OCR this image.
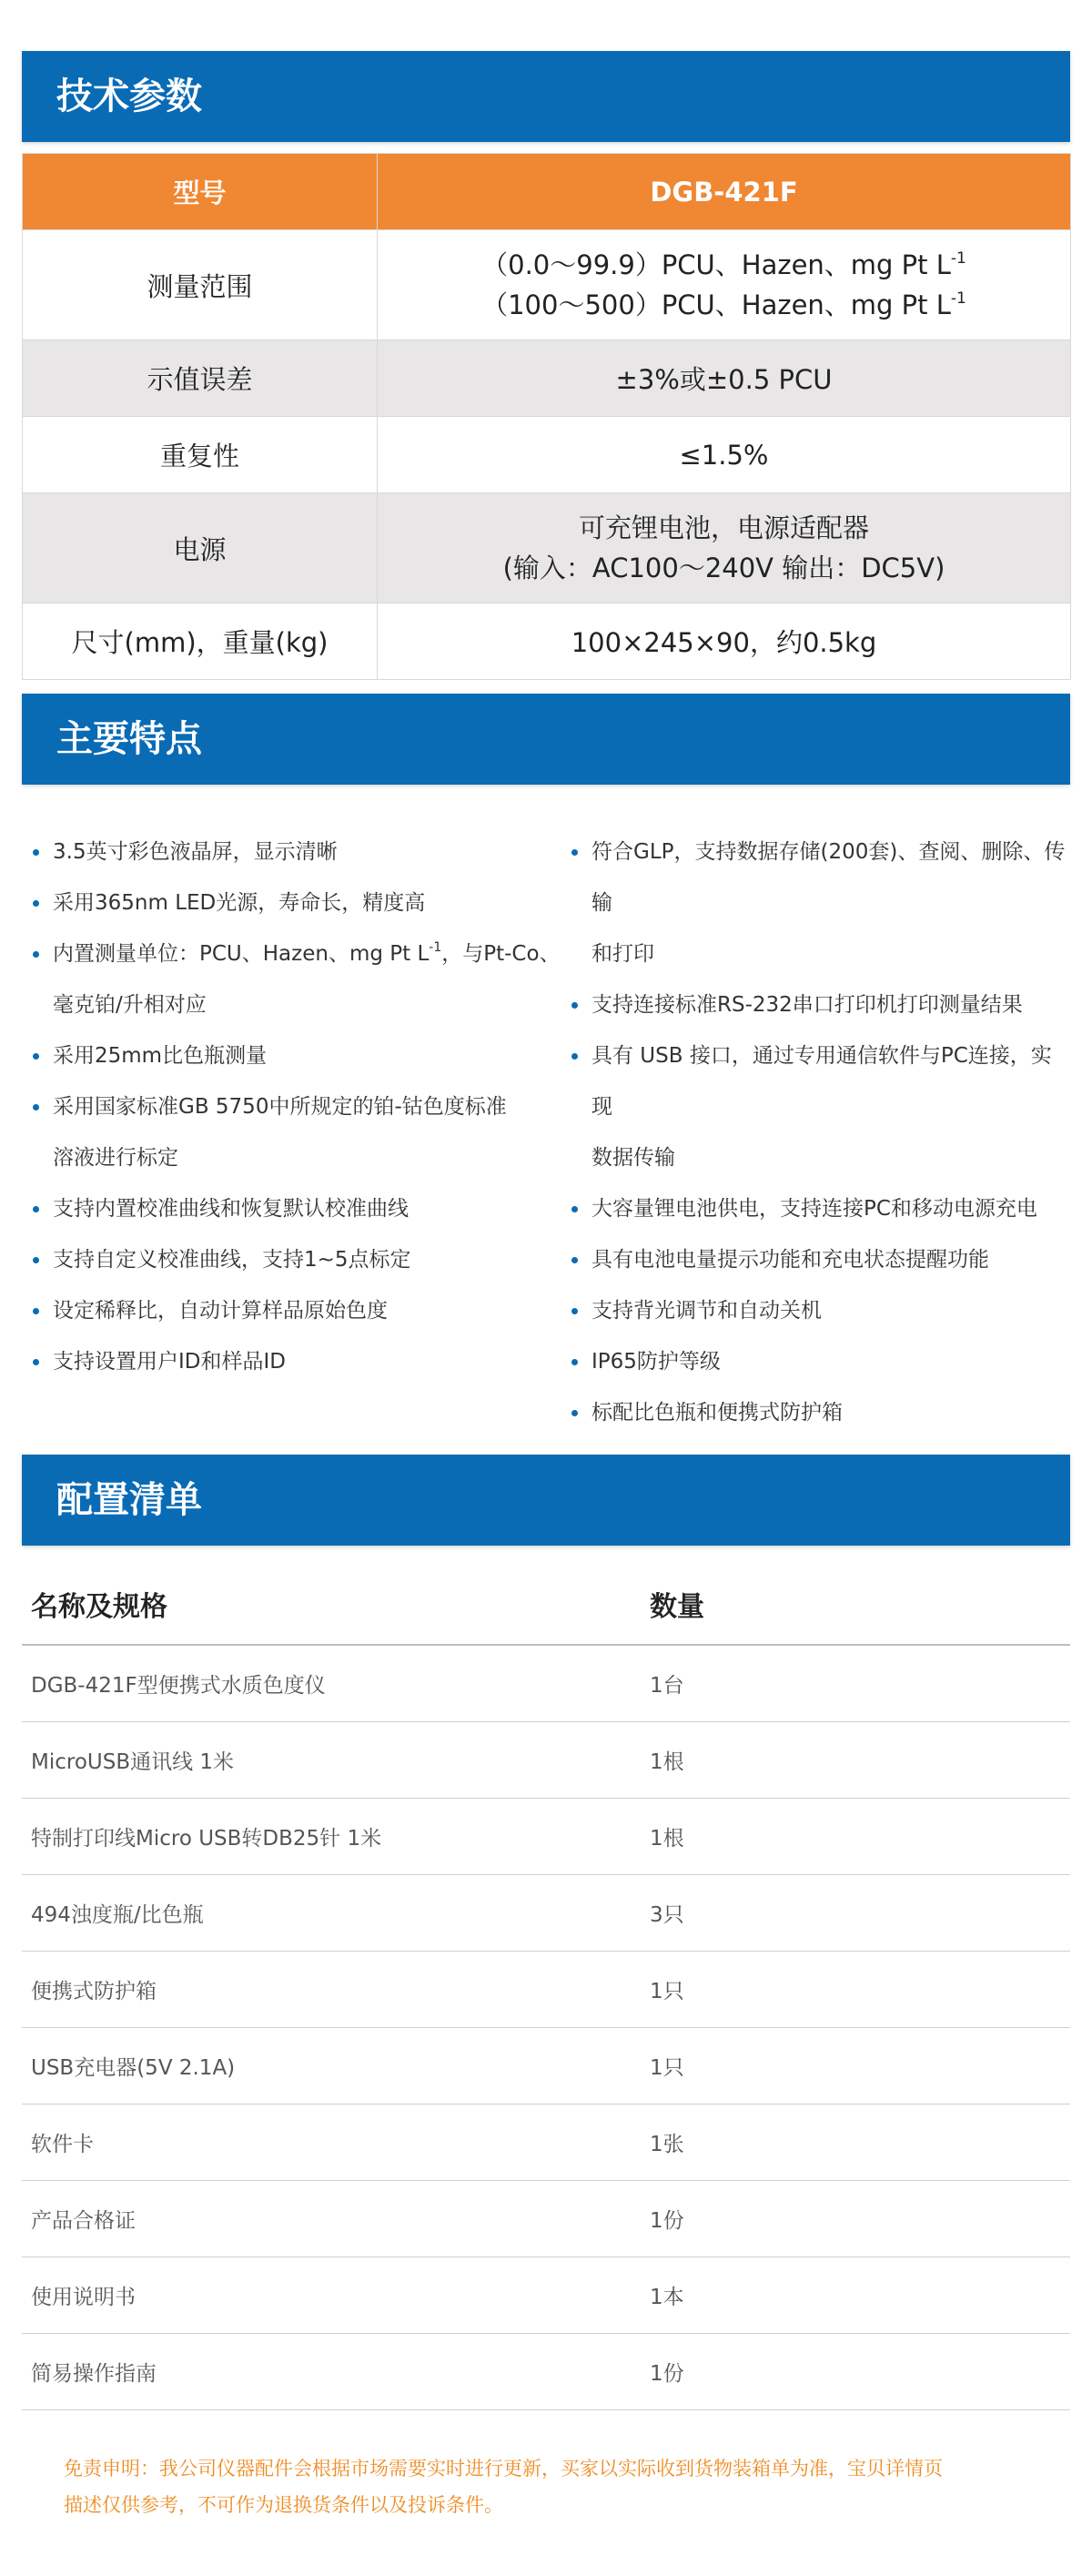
技术参数
型号	DGB-421F
测量范围	（0.0～99.9）PCU、Hazen、mg Pt $L^{-1}$
（100～500）PCU、Hazen、mg Pt $L^{-1}$

示值误差	±3%或±0.5 PCU
重复性	≤1.5%
电源	可充锂电池，电源适配器
(输入：AC100～240V 输出：DC5V)

尺寸(mm)，重量(kg)	100×245×90，约0.5kg
主要特点
3.5英寸彩色液晶屏，显示清晰
采用365nm LED光源，寿命长，精度高
内置测量单位：PCU、Hazen、mg Pt $L^{-1}$，与Pt-Co、
毫克铂/升相对应
采用25mm比色瓶测量
采用国家标准GB 5750中所规定的铂-钴色度标准
溶液进行标定
支持内置校准曲线和恢复默认校准曲线
支持自定义校准曲线，支持1~5点标定
设定稀释比，自动计算样品原始色度
支持设置用户ID和样品ID
符合GLP，支持数据存储(200套)、查阅、删除、传输
和打印
支持连接标准RS-232串口打印机打印测量结果
具有 USB 接口，通过专用通信软件与PC连接，实现
数据传输
大容量锂电池供电，支持连接PC和移动电源充电
具有电池电量提示功能和充电状态提醒功能
支持背光调节和自动关机
IP65防护等级
标配比色瓶和便携式防护箱
配置清单
名称及规格	数量
DGB-421F型便携式水质色度仪	1台
MicroUSB通讯线 1米	1根
特制打印线Micro USB转DB25针 1米	1根
494浊度瓶/比色瓶	3只
便携式防护箱	1只
USB充电器(5V 2.1A)	1只
软件卡	1张
产品合格证	1份
使用说明书	1本
简易操作指南	1份
免责申明：我公司仪器配件会根据市场需要实时进行更新，买家以实际收到货物装箱单为准，宝贝详情页
描述仅供参考，不可作为退换货条件以及投诉条件。
